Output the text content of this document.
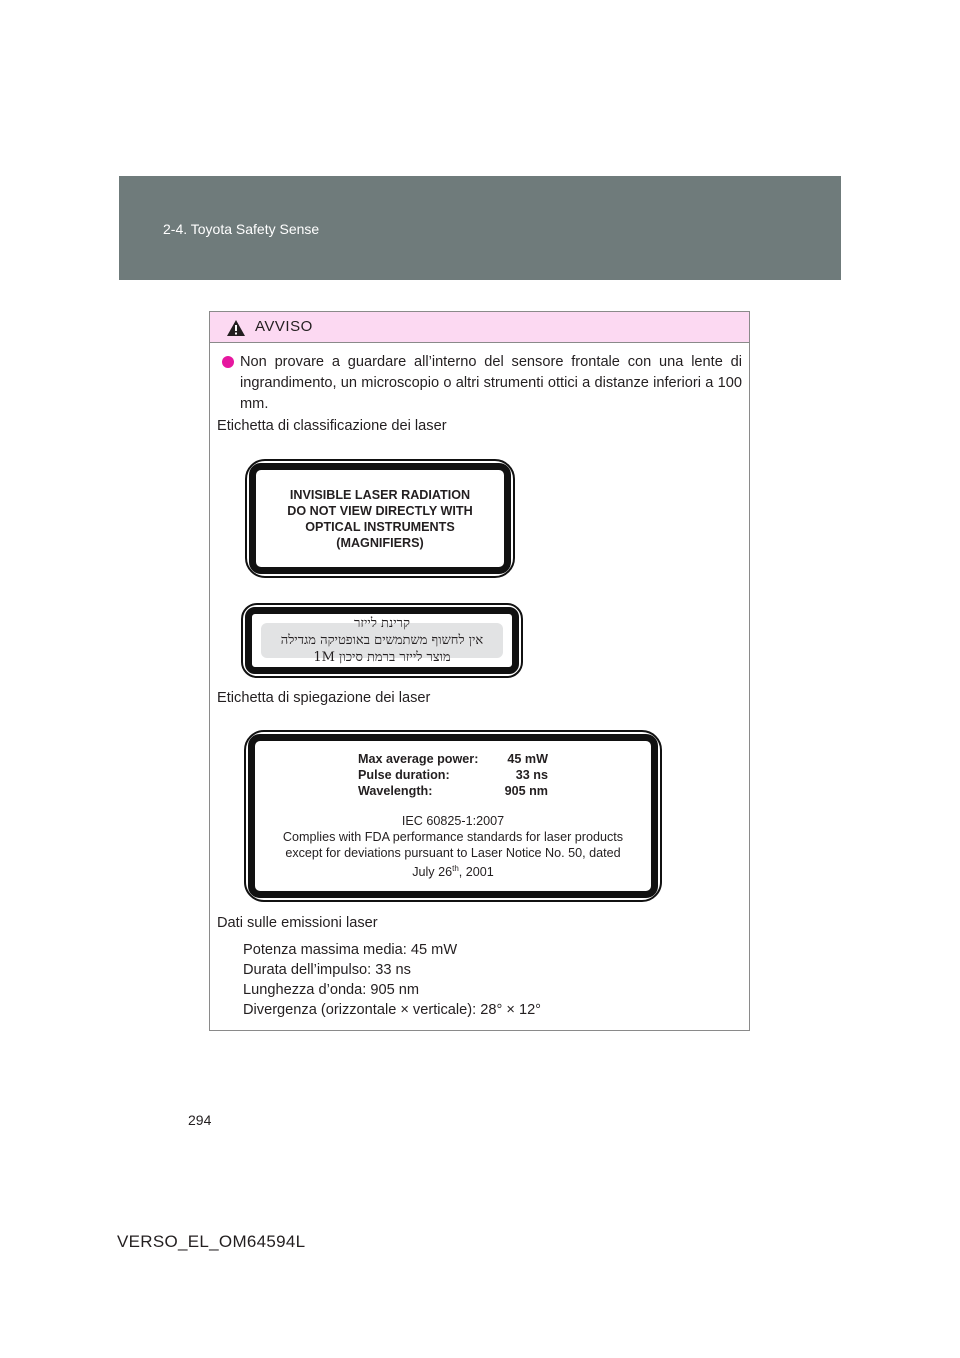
2-4. Toyota Safety Sense
AVVISO
Non provare a guardare all’interno del sensore frontale con una lente di ingrandimento, un microscopio o altri strumenti ottici a distanze inferiori a 100 mm.
Etichetta di classificazione dei laser
INVISIBLE LASER RADIATION
DO NOT VIEW DIRECTLY WITH
OPTICAL INSTRUMENTS
(MAGNIFIERS)
קרינת לייזר
אין לחשוף משתמשים באופטיקה מגדילה
מוצר לייזר ברמת סיכון 1M
Etichetta di spiegazione dei laser
Max average power: 45 mW
Pulse duration:	33 ns
Wavelength:	905 nm
IEC 60825-1:2007
Complies with FDA performance standards for laser products
except for deviations pursuant to Laser Notice No. 50, dated
July 26th, 2001
Dati sulle emissioni laser
Potenza massima media: 45 mW
Durata dell’impulso: 33 ns
Lunghezza d’onda: 905 nm
Divergenza (orizzontale × verticale): 28° × 12°
294
VERSO_EL_OM64594L
